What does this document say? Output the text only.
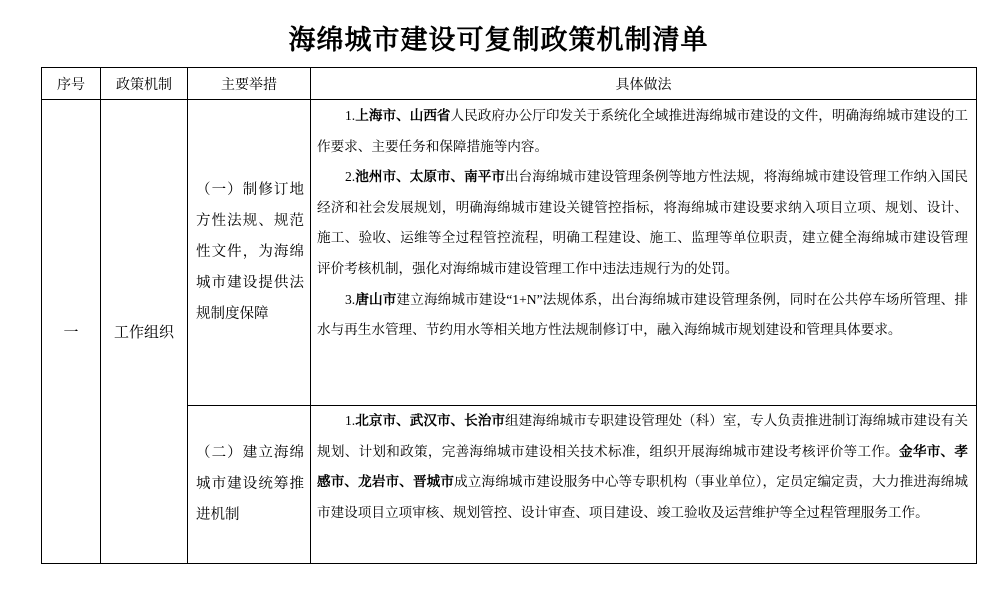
海绵城市建设可复制政策机制清单
序号	政策机制	主要举措	具体做法
一	工作组织	（一）制修订地方性法规、规范性文件，为海绵城市建设提供法规制度保障	1.上海市、山西省人民政府办公厅印发关于系统化全域推进海绵城市建设的文件，明确海绵城市建设的工作要求、主要任务和保障措施等内容。

2.池州市、太原市、南平市出台海绵城市建设管理条例等地方性法规，将海绵城市建设管理工作纳入国民经济和社会发展规划，明确海绵城市建设关键管控指标，将海绵城市建设要求纳入项目立项、规划、设计、施工、验收、运维等全过程管控流程，明确工程建设、施工、监理等单位职责，建立健全海绵城市建设管理评价考核机制，强化对海绵城市建设管理工作中违法违规行为的处罚。

3.唐山市建立海绵城市建设“1+N”法规体系，出台海绵城市建设管理条例，同时在公共停车场所管理、排水与再生水管理、节约用水等相关地方性法规制修订中，融入海绵城市规划建设和管理具体要求。

		（二）建立海绵城市建设统筹推进机制	1.北京市、武汉市、长治市组建海绵城市专职建设管理处（科）室，专人负责推进制订海绵城市建设有关规划、计划和政策，完善海绵城市建设相关技术标准，组织开展海绵城市建设考核评价等工作。金华市、孝感市、龙岩市、晋城市成立海绵城市建设服务中心等专职机构（事业单位），定员定编定责，大力推进海绵城市建设项目立项审核、规划管控、设计审查、项目建设、竣工验收及运营维护等全过程管理服务工作。
